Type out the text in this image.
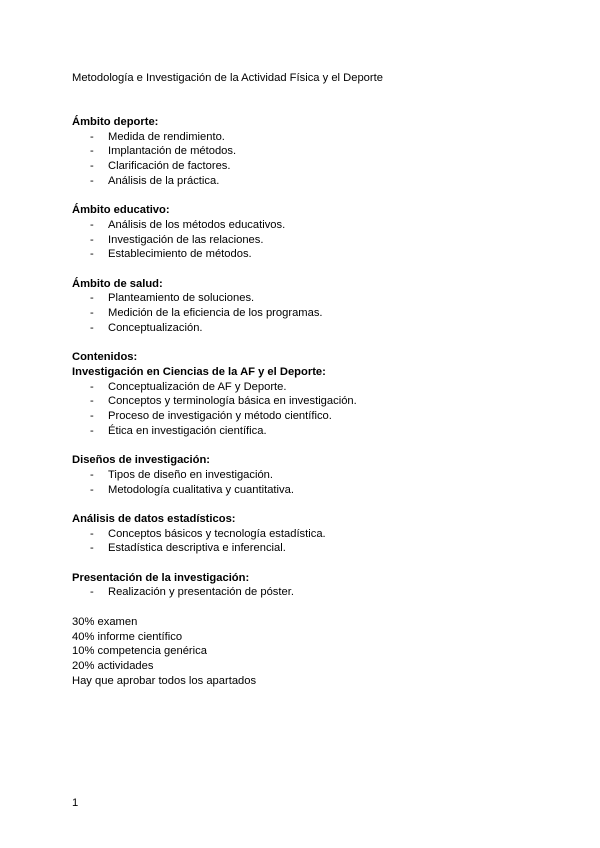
Metodología e Investigación de la Actividad Física y el Deporte
Ámbito deporte:
- Medida de rendimiento.
- Implantación de métodos.
- Clarificación de factores.
- Análisis de la práctica.
Ámbito educativo:
- Análisis de los métodos educativos.
- Investigación de las relaciones.
- Establecimiento de métodos.
Ámbito de salud:
- Planteamiento de soluciones.
- Medición de la eficiencia de los programas.
- Conceptualización.
Contenidos:
Investigación en Ciencias de la AF y el Deporte:
- Conceptualización de AF y Deporte.
- Conceptos y terminología básica en investigación.
- Proceso de investigación y método científico.
- Ética en investigación científica.
Diseños de investigación:
- Tipos de diseño en investigación.
- Metodología cualitativa y cuantitativa.
Análisis de datos estadísticos:
- Conceptos básicos y tecnología estadística.
- Estadística descriptiva e inferencial.
Presentación de la investigación:
- Realización y presentación de póster.
30% examen
40% informe científico
10% competencia genérica
20% actividades
Hay que aprobar todos los apartados
1
